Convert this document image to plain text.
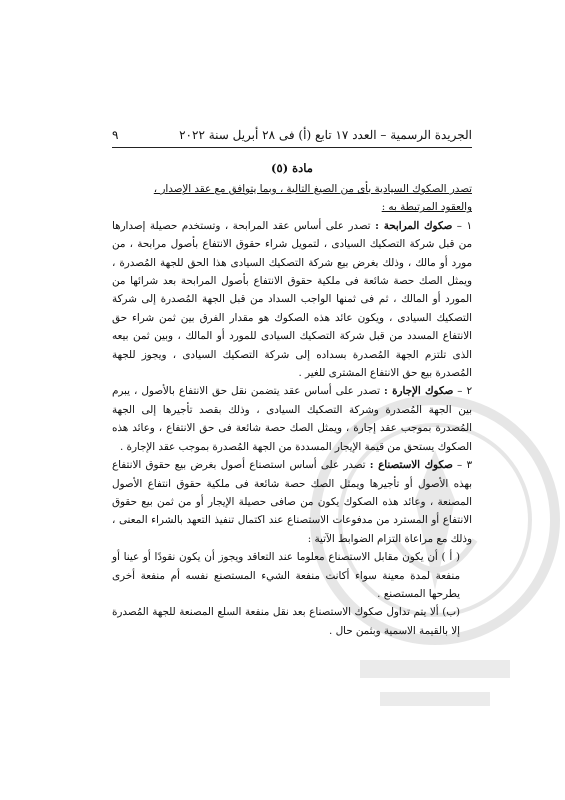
الجريدة الرسمية – العدد ١٧ تابع (أ) فى ٢٨ أبريل سنة ٢٠٢٢
٩
مادة (٥)

تصدر الصكوك السيادية بأى من الصيغ التالية ، وبما يتوافق مع عقد الإصدار ،
والعقود المرتبطة به :

١ – صكوك المرابحة : تصدر على أساس عقد المرابحة ، وتستخدم حصيلة إصدارها من قبل شركة التصكيك السيادى ، لتمويل شراء حقوق الانتفاع بأصول مرابحة ، من مورد أو مالك ، وذلك بغرض بيع شركة التصكيك السيادى هذا الحق للجهة المُصدرة ، ويمثل الصك حصة شائعة فى ملكية حقوق الانتفاع بأصول المرابحة بعد شرائها من المورد أو المالك ، ثم فى ثمنها الواجب السداد من قبل الجهة المُصدرة إلى شركة التصكيك السيادى ، ويكون عائد هذه الصكوك هو مقدار الفرق بين ثمن شراء حق الانتفاع المسدد من قبل شركة التصكيك السيادى للمورد أو المالك ، وبين ثمن بيعه الذى تلتزم الجهة المُصدرة بسداده إلى شركة التصكيك السيادى ، ويجوز للجهة المُصدرة بيع حق الانتفاع المشترى للغير .

٢ – صكوك الإجارة : تصدر على أساس عقد يتضمن نقل حق الانتفاع بالأصول ، يبرم بين الجهة المُصدرة وشركة التصكيك السيادى ، وذلك بقصد تأجيرها إلى الجهة المُصدرة بموجب عقد إجارة ، ويمثل الصك حصة شائعة فى حق الانتفاع ، وعائد هذه الصكوك يستحق من قيمة الإيجار المسددة من الجهة المُصدرة بموجب عقد الإجارة .

٣ – صكوك الاستصناع : تصدر على أساس استصناع أصول بغرض بيع حقوق الانتفاع بهذه الأصول أو تأجيرها ويمثل الصك حصة شائعة فى ملكية حقوق انتفاع الأصول المصنعة ، وعائد هذه الصكوك يكون من صافى حصيلة الإيجار أو من ثمن بيع حقوق الانتفاع أو المسترد من مدفوعات الاستصناع عند اكتمال تنفيذ التعهد بالشراء المعنى ، وذلك مع مراعاة التزام الضوابط الآتية :

( أ ) أن يكون مقابل الاستصناع معلوما عند التعاقد ويجوز أن يكون نقودًا أو عينا أو منفعة لمدة معينة سواء أكانت منفعة الشيء المستصنع نفسه أم منفعة أخرى يطرحها المستصنع .

(ب) ألا يتم تداول صكوك الاستصناع بعد نقل منفعة السلع المصنعة للجهة المُصدرة إلا بالقيمة الاسمية وبثمن حال .
